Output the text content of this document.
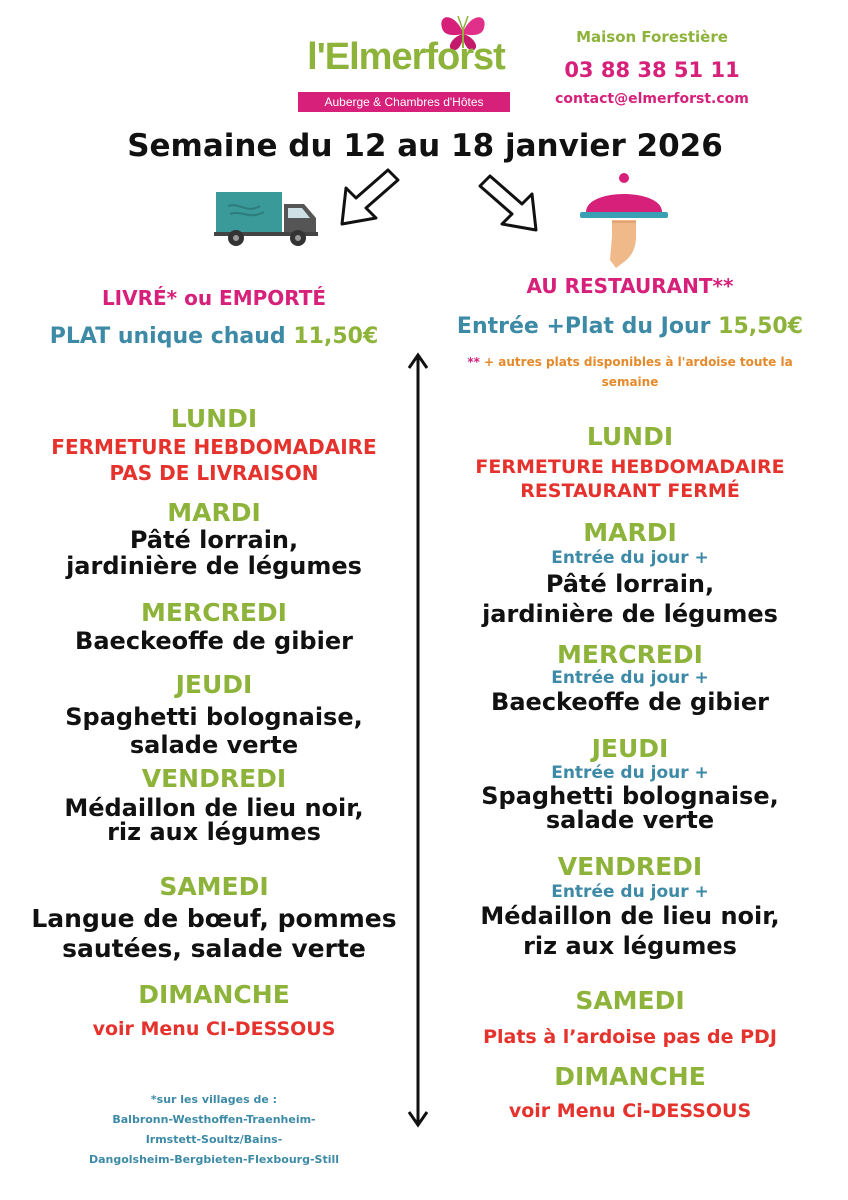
l'Elmerforst
Auberge & Chambres d'Hôtes
Maison Forestière
03 88 38 51 11
contact@elmerforst.com
Semaine du 12 au 18 janvier 2026
LIVRÉ* ou EMPORTÉ
PLAT unique chaud 11,50€
LUNDI
FERMETURE HEBDOMADAIRE
PAS DE LIVRAISON
MARDI
Pâté lorrain,
jardinière de légumes
MERCREDI
Baeckeoffe de gibier
JEUDI
Spaghetti bolognaise,
salade verte
VENDREDI
Médaillon de lieu noir,
riz aux légumes
SAMEDI
Langue de bœuf, pommes
sautées, salade verte
DIMANCHE
voir Menu CI-DESSOUS
*sur les villages de :
Balbronn-Westhoffen-Traenheim-
Irmstett-Soultz/Bains-
Dangolsheim-Bergbieten-Flexbourg-Still
AU RESTAURANT**
Entrée +Plat du Jour 15,50€
** + autres plats disponibles à l'ardoise toute la semaine
LUNDI
FERMETURE HEBDOMADAIRE
RESTAURANT FERMÉ
MARDI
Entrée du jour +
Pâté lorrain,
jardinière de légumes
MERCREDI
Entrée du jour +
Baeckeoffe de gibier
JEUDI
Entrée du jour +
Spaghetti bolognaise,
salade verte
VENDREDI
Entrée du jour +
Médaillon de lieu noir,
riz aux légumes
SAMEDI
Plats à l’ardoise pas de PDJ
DIMANCHE
voir Menu Ci-DESSOUS
